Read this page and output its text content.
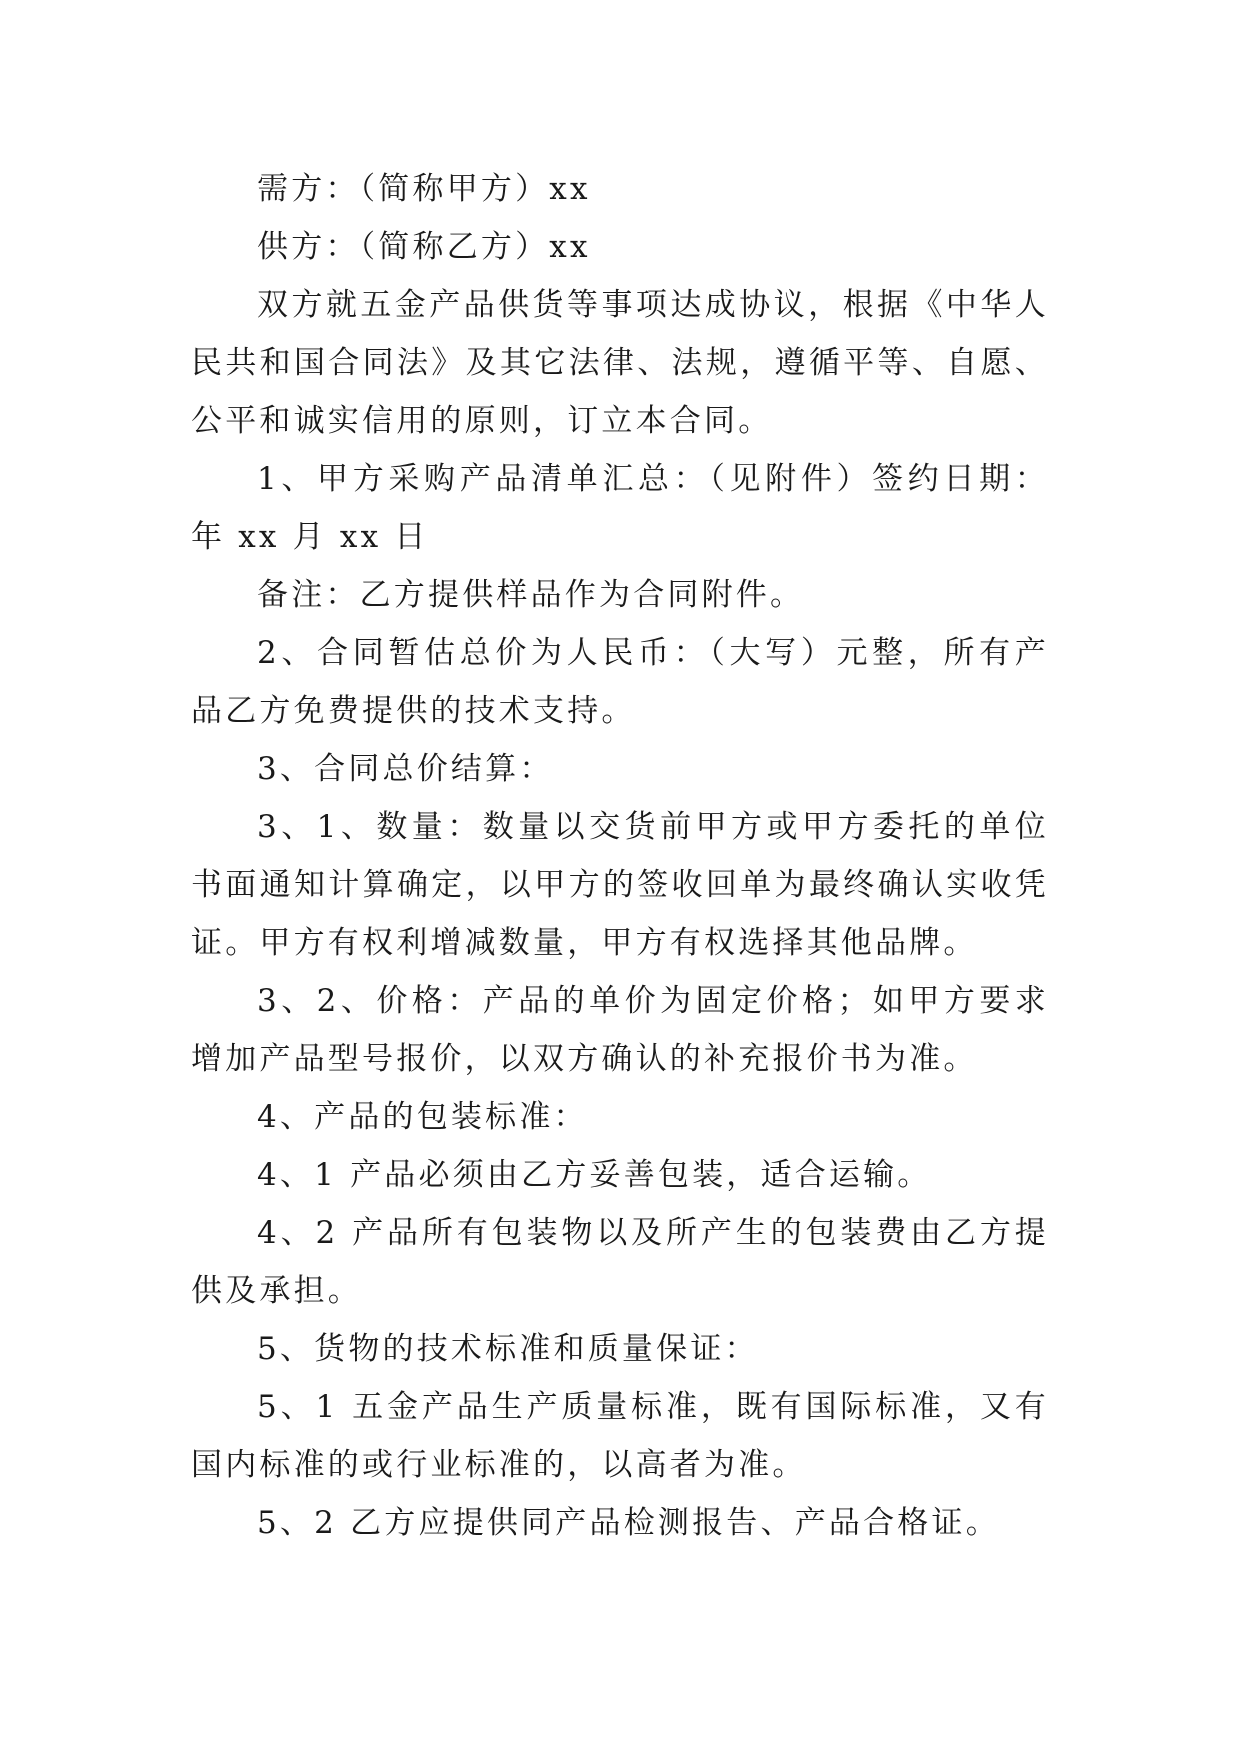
需方：（简称甲方）xx

供方：（简称乙方）xx

双方就五金产品供货等事项达成协议，根据《中华人民共和国合同法》及其它法律、法规，遵循平等、自愿、公平和诚实信用的原则，订立本合同。

1、甲方采购产品清单汇总：（见附件）签约日期：年 xx 月 xx 日

备注：乙方提供样品作为合同附件。

2、合同暂估总价为人民币：（大写）元整，所有产品乙方免费提供的技术支持。

3、合同总价结算：

3、1、数量：数量以交货前甲方或甲方委托的单位书面通知计算确定，以甲方的签收回单为最终确认实收凭证。甲方有权利增减数量，甲方有权选择其他品牌。

3、2、价格：产品的单价为固定价格；如甲方要求增加产品型号报价，以双方确认的补充报价书为准。

4、产品的包装标准：

4、1 产品必须由乙方妥善包装，适合运输。

4、2 产品所有包装物以及所产生的包装费由乙方提供及承担。

5、货物的技术标准和质量保证：

5、1 五金产品生产质量标准，既有国际标准，又有国内标准的或行业标准的，以高者为准。

5、2 乙方应提供同产品检测报告、产品合格证。
